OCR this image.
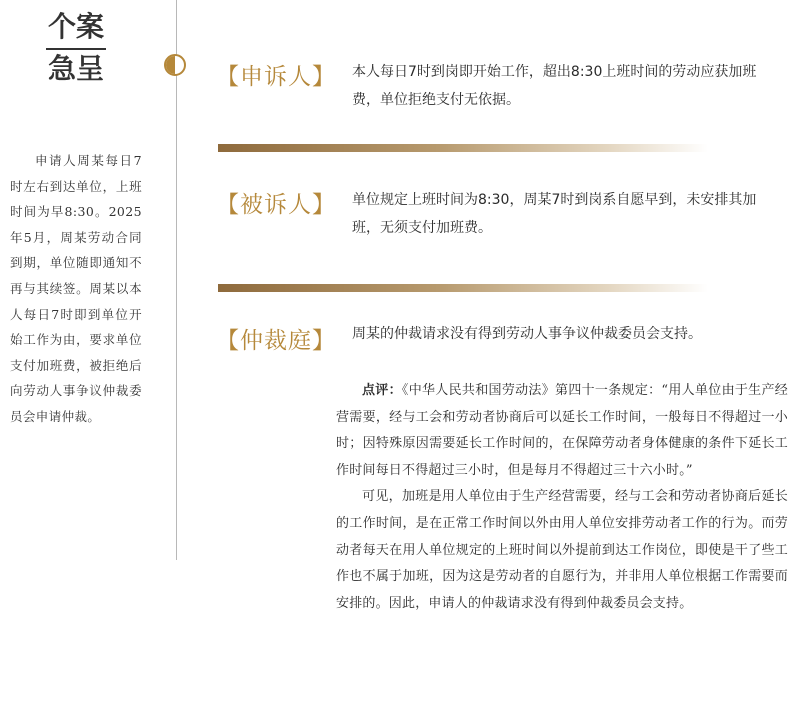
个案
急呈
申请人周某每日7时左右到达单位，上班时间为早8:30。2025年5月，周某劳动合同到期，单位随即通知不再与其续签。周某以本人每日7时即到单位开始工作为由，要求单位支付加班费，被拒绝后向劳动人事争议仲裁委员会申请仲裁。
【申诉人】 本人每日7时到岗即开始工作，超出8:30上班时间的劳动应获加班费，单位拒绝支付无依据。
【被诉人】 单位规定上班时间为8:30，周某7时到岗系自愿早到，未安排其加班，无须支付加班费。
【仲裁庭】 周某的仲裁请求没有得到劳动人事争议仲裁委员会支持。

点评：《中华人民共和国劳动法》第四十一条规定：“用人单位由于生产经营需要，经与工会和劳动者协商后可以延长工作时间，一般每日不得超过一小时；因特殊原因需要延长工作时间的，在保障劳动者身体健康的条件下延长工作时间每日不得超过三小时，但是每月不得超过三十六小时。”

可见，加班是用人单位由于生产经营需要，经与工会和劳动者协商后延长的工作时间，是在正常工作时间以外由用人单位安排劳动者工作的行为。而劳动者每天在用人单位规定的上班时间以外提前到达工作岗位，即使是干了些工作也不属于加班，因为这是劳动者的自愿行为，并非用人单位根据工作需要而安排的。因此，申请人的仲裁请求没有得到仲裁委员会支持。
